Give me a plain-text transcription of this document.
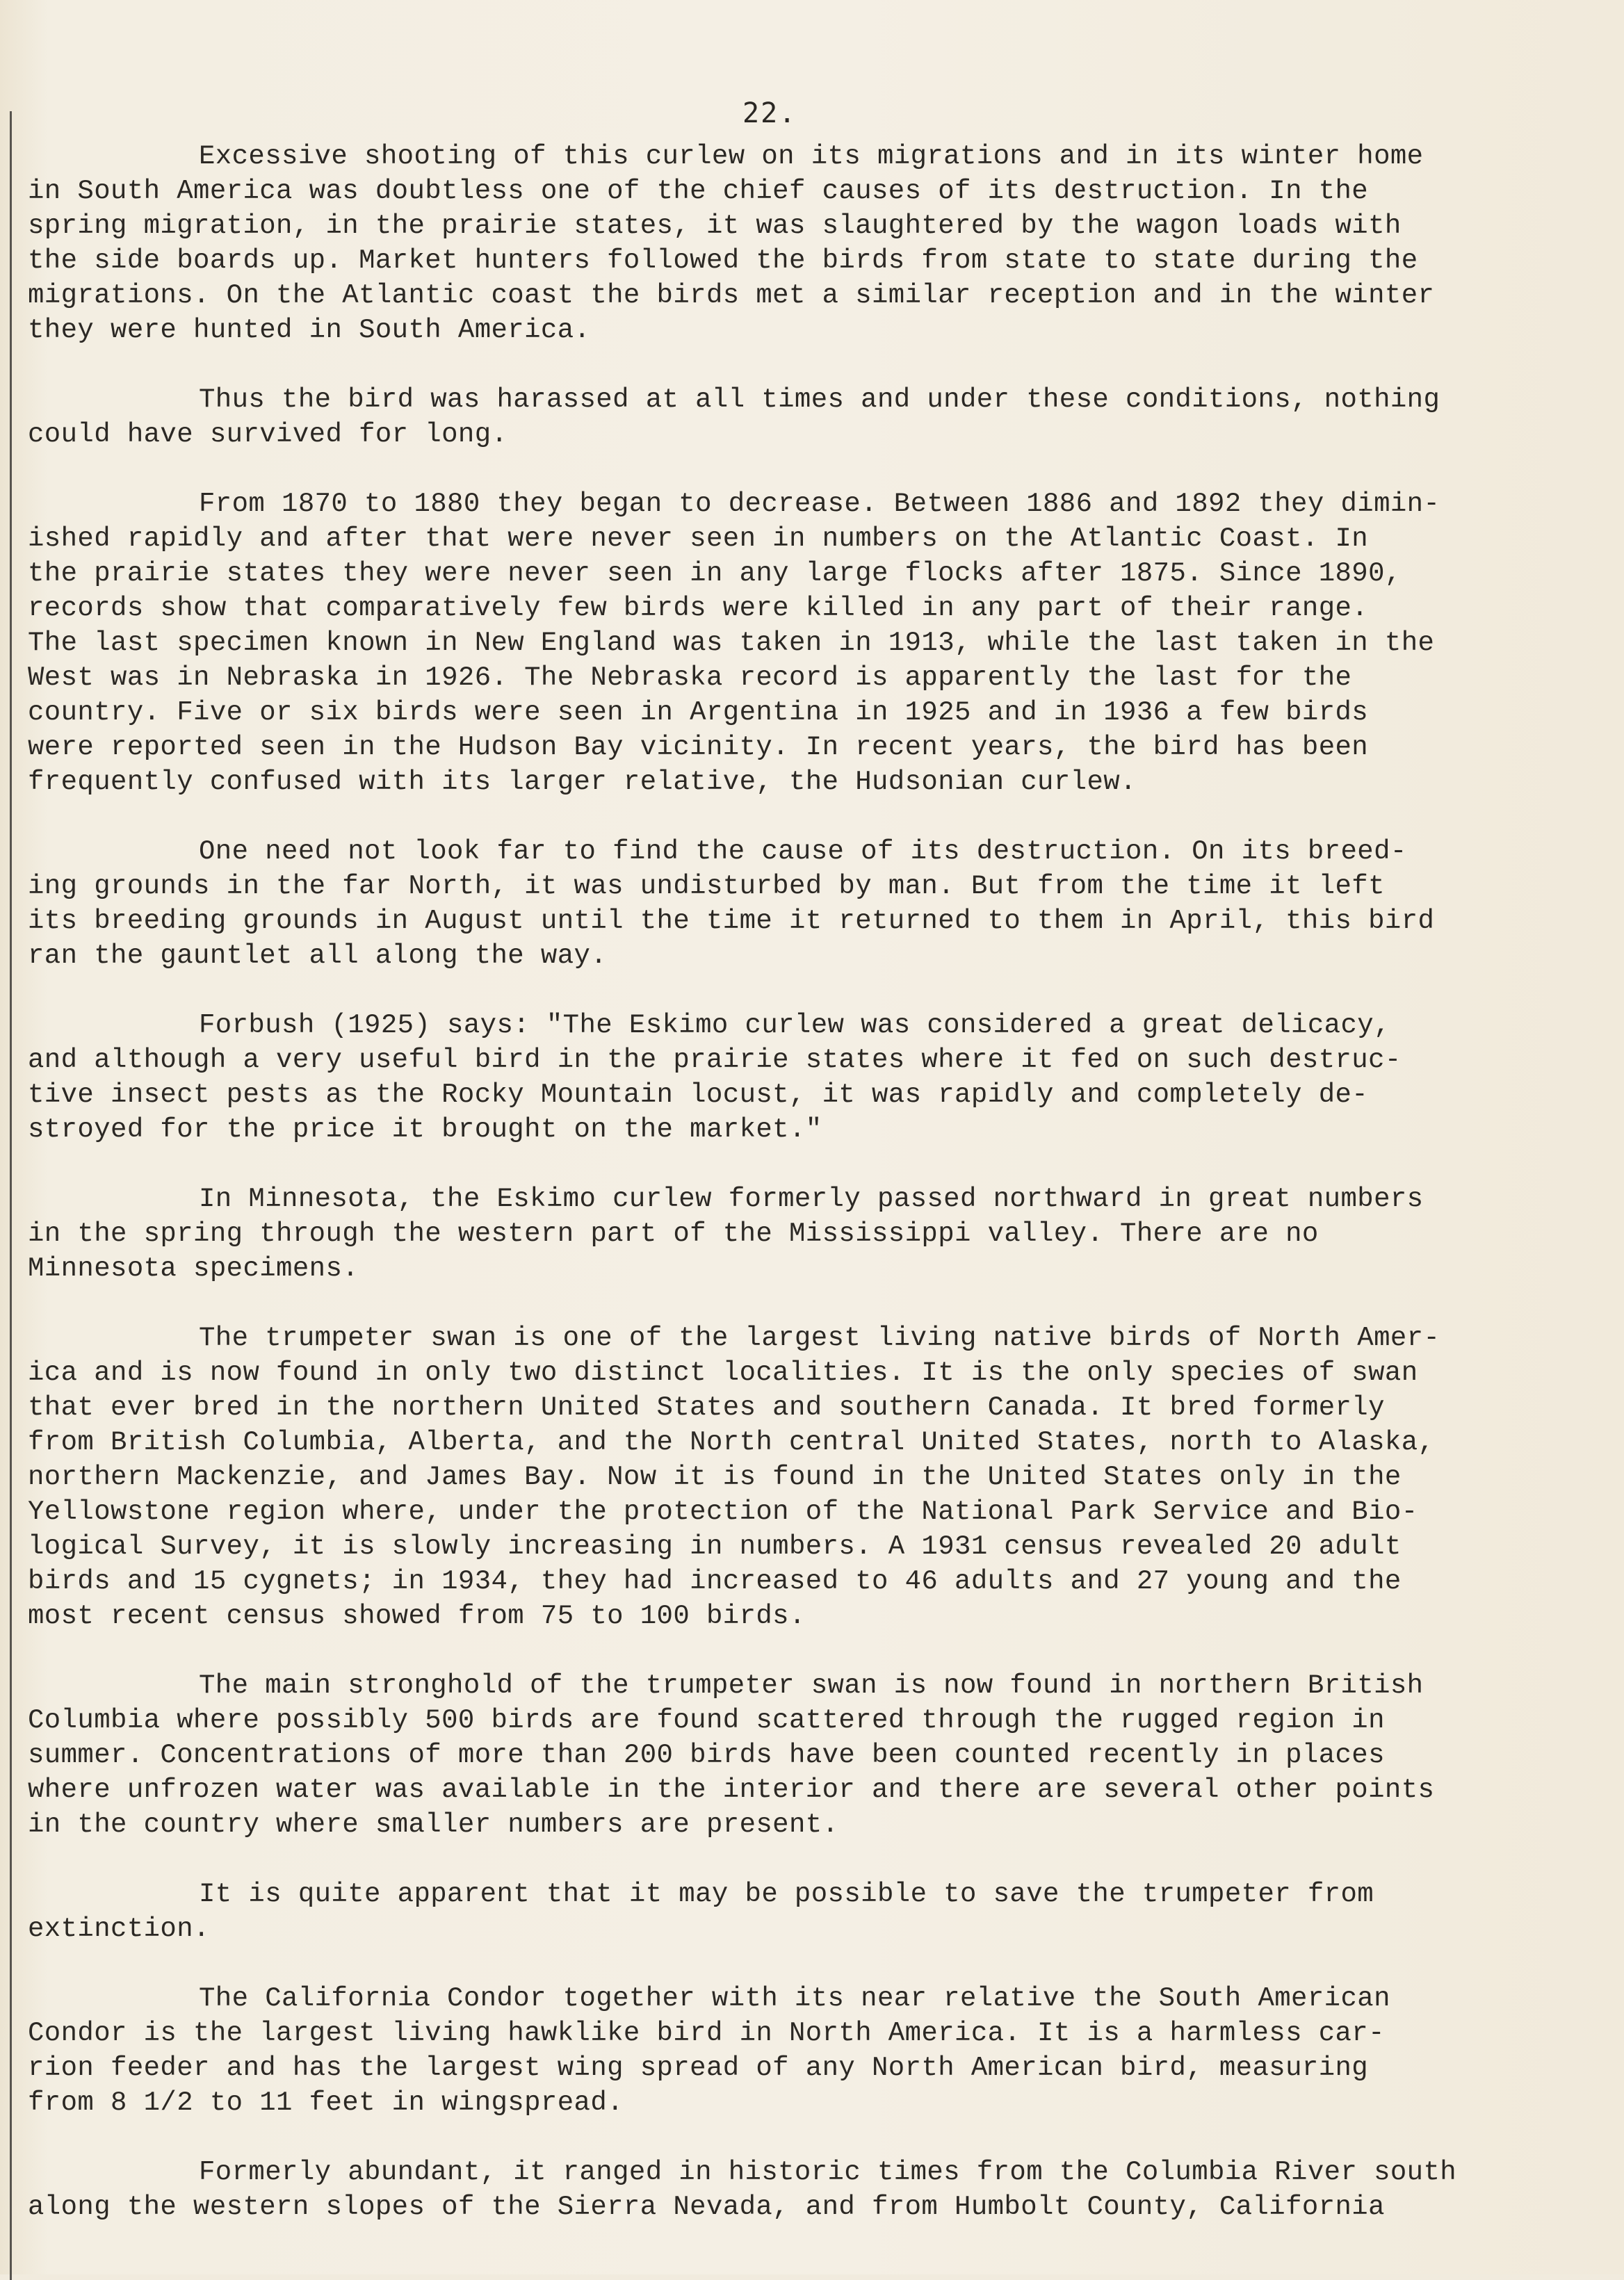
22.
Excessive shooting of this curlew on its migrations and in its winter home
in South America was doubtless one of the chief causes of its destruction. In the
spring migration, in the prairie states, it was slaughtered by the wagon loads with
the side boards up. Market hunters followed the birds from state to state during the
migrations. On the Atlantic coast the birds met a similar reception and in the winter
they were hunted in South America.
Thus the bird was harassed at all times and under these conditions, nothing
could have survived for long.
From 1870 to 1880 they began to decrease. Between 1886 and 1892 they dimin-
ished rapidly and after that were never seen in numbers on the Atlantic Coast. In
the prairie states they were never seen in any large flocks after 1875. Since 1890,
records show that comparatively few birds were killed in any part of their range.
The last specimen known in New England was taken in 1913, while the last taken in the
West was in Nebraska in 1926. The Nebraska record is apparently the last for the
country. Five or six birds were seen in Argentina in 1925 and in 1936 a few birds
were reported seen in the Hudson Bay vicinity. In recent years, the bird has been
frequently confused with its larger relative, the Hudsonian curlew.
One need not look far to find the cause of its destruction. On its breed-
ing grounds in the far North, it was undisturbed by man. But from the time it left
its breeding grounds in August until the time it returned to them in April, this bird
ran the gauntlet all along the way.
Forbush (1925) says: "The Eskimo curlew was considered a great delicacy,
and although a very useful bird in the prairie states where it fed on such destruc-
tive insect pests as the Rocky Mountain locust, it was rapidly and completely de-
stroyed for the price it brought on the market."
In Minnesota, the Eskimo curlew formerly passed northward in great numbers
in the spring through the western part of the Mississippi valley. There are no
Minnesota specimens.
The trumpeter swan is one of the largest living native birds of North Amer-
ica and is now found in only two distinct localities. It is the only species of swan
that ever bred in the northern United States and southern Canada. It bred formerly
from British Columbia, Alberta, and the North central United States, north to Alaska,
northern Mackenzie, and James Bay. Now it is found in the United States only in the
Yellowstone region where, under the protection of the National Park Service and Bio-
logical Survey, it is slowly increasing in numbers. A 1931 census revealed 20 adult
birds and 15 cygnets; in 1934, they had increased to 46 adults and 27 young and the
most recent census showed from 75 to 100 birds.
The main stronghold of the trumpeter swan is now found in northern British
Columbia where possibly 500 birds are found scattered through the rugged region in
summer. Concentrations of more than 200 birds have been counted recently in places
where unfrozen water was available in the interior and there are several other points
in the country where smaller numbers are present.
It is quite apparent that it may be possible to save the trumpeter from
extinction.
The California Condor together with its near relative the South American
Condor is the largest living hawklike bird in North America. It is a harmless car-
rion feeder and has the largest wing spread of any North American bird, measuring
from 8 1/2 to 11 feet in wingspread.
Formerly abundant, it ranged in historic times from the Columbia River south
along the western slopes of the Sierra Nevada, and from Humbolt County, California
